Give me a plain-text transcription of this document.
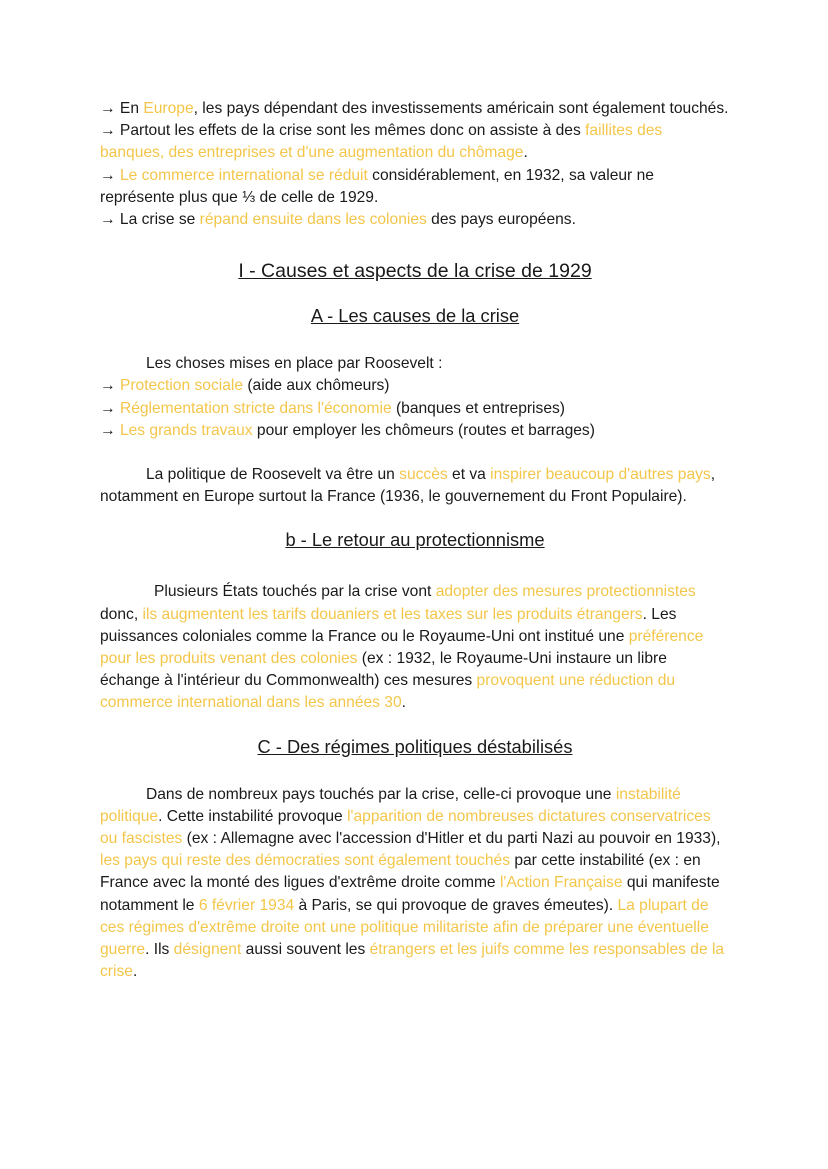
→ En Europe, les pays dépendant des investissements américain sont également touchés.

→ Partout les effets de la crise sont les mêmes donc on assiste à des faillites des banques, des entreprises et d'une augmentation du chômage.

→ Le commerce international se réduit considérablement, en 1932, sa valeur ne représente plus que ⅓ de celle de 1929.

→ La crise se répand ensuite dans les colonies des pays européens.

I - Causes et aspects de la crise de 1929
A - Les causes de la crise

Les choses mises en place par Roosevelt :

→ Protection sociale (aide aux chômeurs)

→ Réglementation stricte dans l'économie (banques et entreprises)

→ Les grands travaux pour employer les chômeurs (routes et barrages)

La politique de Roosevelt va être un succès et va inspirer beaucoup d'autres pays, notamment en Europe surtout la France (1936, le gouvernement du Front Populaire).

b - Le retour au protectionnisme

Plusieurs États touchés par la crise vont adopter des mesures protectionnistes donc, ils augmentent les tarifs douaniers et les taxes sur les produits étrangers. Les puissances coloniales comme la France ou le Royaume-Uni ont institué une préférence pour les produits venant des colonies (ex : 1932, le Royaume-Uni instaure un libre échange à l'intérieur du Commonwealth) ces mesures provoquent une réduction du commerce international dans les années 30.

C - Des régimes politiques déstabilisés

Dans de nombreux pays touchés par la crise, celle-ci provoque une instabilité politique. Cette instabilité provoque l'apparition de nombreuses dictatures conservatrices ou fascistes (ex : Allemagne avec l'accession d'Hitler et du parti Nazi au pouvoir en 1933), les pays qui reste des démocraties sont également touchés par cette instabilité (ex : en France avec la monté des ligues d'extrême droite comme l'Action Française qui manifeste notamment le 6 février 1934 à Paris, se qui provoque de graves émeutes). La plupart de ces régimes d'extrême droite ont une politique militariste afin de préparer une éventuelle guerre. Ils désignent aussi souvent les étrangers et les juifs comme les responsables de la crise.
